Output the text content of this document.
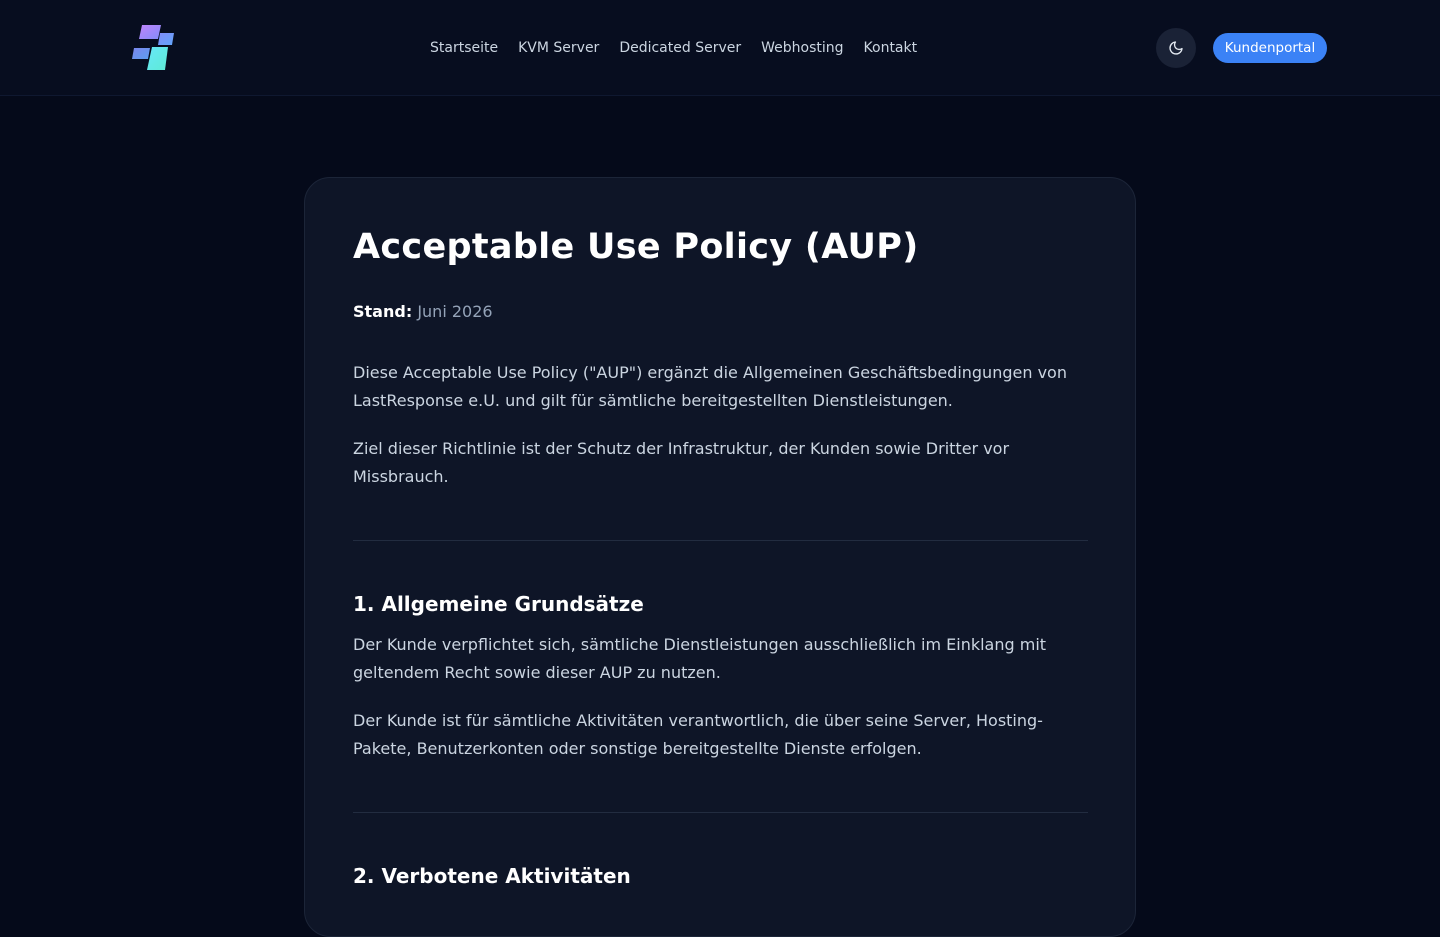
Startseite	KVM Server	Dedicated Server	Webhosting	Kontakt	Kundenportal
Acceptable Use Policy (AUP)

Stand: Juni 2026

Diese Acceptable Use Policy ("AUP") ergänzt die Allgemeinen Geschäftsbedingungen von LastResponse e.U. und gilt für sämtliche bereitgestellten Dienstleistungen.

Ziel dieser Richtlinie ist der Schutz der Infrastruktur, der Kunden sowie Dritter vor Missbrauch.

1. Allgemeine Grundsätze

Der Kunde verpflichtet sich, sämtliche Dienstleistungen ausschließlich im Einklang mit geltendem Recht sowie dieser AUP zu nutzen.

Der Kunde ist für sämtliche Aktivitäten verantwortlich, die über seine Server, Hosting-Pakete, Benutzerkonten oder sonstige bereitgestellte Dienste erfolgen.

2. Verbotene Aktivitäten
